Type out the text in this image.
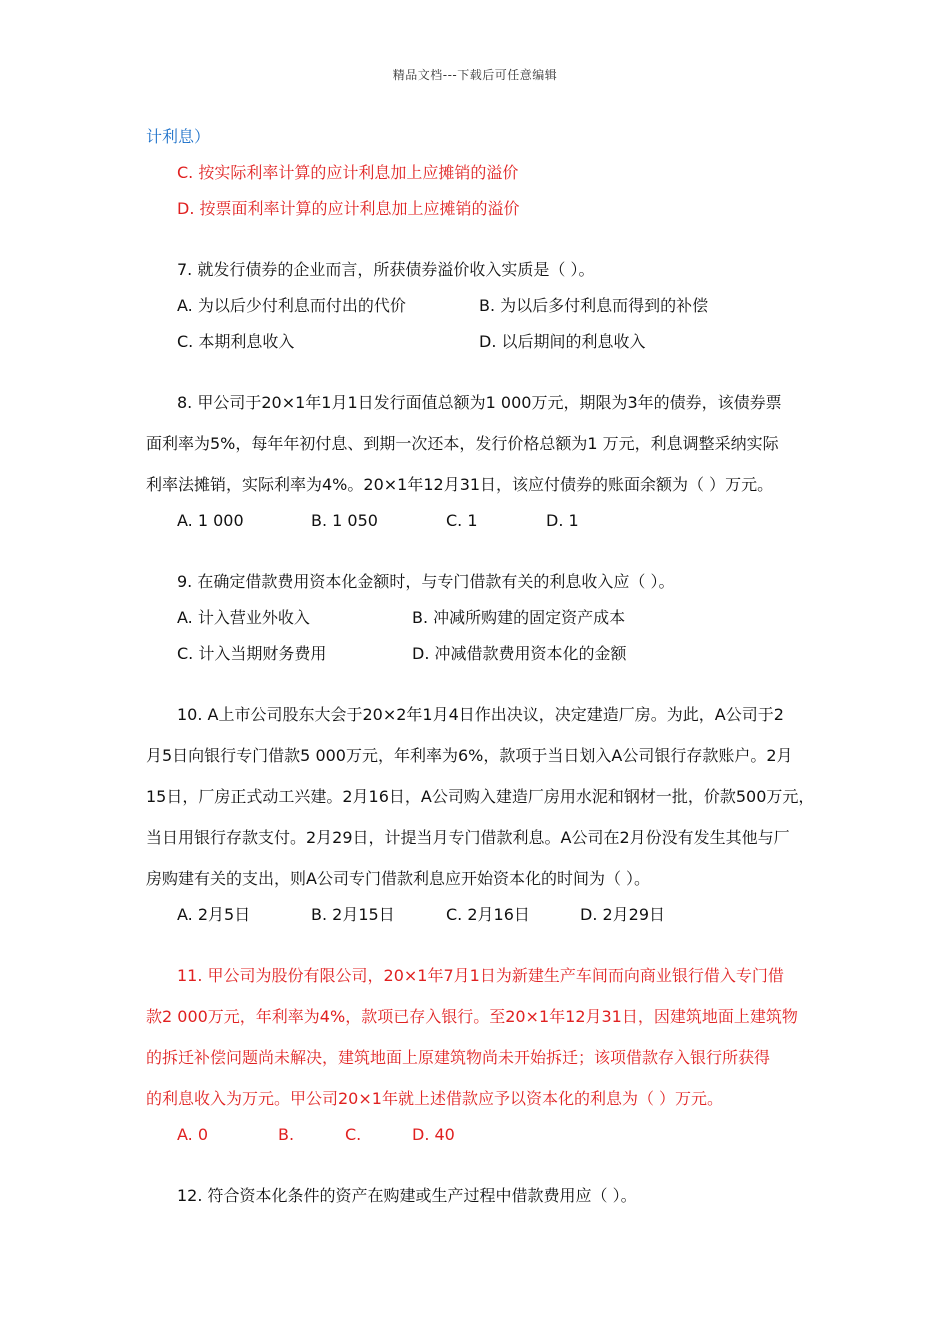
精品文档---下载后可任意编辑
计利息）
C. 按实际利率计算的应计利息加上应摊销的溢价
D. 按票面利率计算的应计利息加上应摊销的溢价
7. 就发行债券的企业而言，所获债券溢价收入实质是（ ）。
A. 为以后少付利息而付出的代价	B. 为以后多付利息而得到的补偿
C. 本期利息收入	D. 以后期间的利息收入
8. 甲公司于20×1年1月1日发行面值总额为1 000万元，期限为3年的债券，该债券票
面利率为5%，每年年初付息、到期一次还本，发行价格总额为1 万元，利息调整采纳实际
利率法摊销，实际利率为4%。20×1年12月31日，该应付债券的账面余额为（ ）万元。
A. 1 000	B. 1 050	C. 1	D. 1
9. 在确定借款费用资本化金额时，与专门借款有关的利息收入应（ ）。
A. 计入营业外收入	B. 冲减所购建的固定资产成本
C. 计入当期财务费用	D. 冲减借款费用资本化的金额
10. A上市公司股东大会于20×2年1月4日作出决议，决定建造厂房。为此，A公司于2
月5日向银行专门借款5 000万元，年利率为6%，款项于当日划入A公司银行存款账户。2月
15日，厂房正式动工兴建。2月16日，A公司购入建造厂房用水泥和钢材一批，价款500万元，
当日用银行存款支付。2月29日，计提当月专门借款利息。A公司在2月份没有发生其他与厂
房购建有关的支出，则A公司专门借款利息应开始资本化的时间为（ ）。
A. 2月5日	B. 2月15日	C. 2月16日	D. 2月29日
11. 甲公司为股份有限公司，20×1年7月1日为新建生产车间而向商业银行借入专门借
款2 000万元，年利率为4%，款项已存入银行。至20×1年12月31日，因建筑地面上建筑物
的拆迁补偿问题尚未解决，建筑地面上原建筑物尚未开始拆迁；该项借款存入银行所获得
的利息收入为万元。甲公司20×1年就上述借款应予以资本化的利息为（ ）万元。
A. 0	B.	C.	D. 40
12. 符合资本化条件的资产在购建或生产过程中借款费用应（ ）。
